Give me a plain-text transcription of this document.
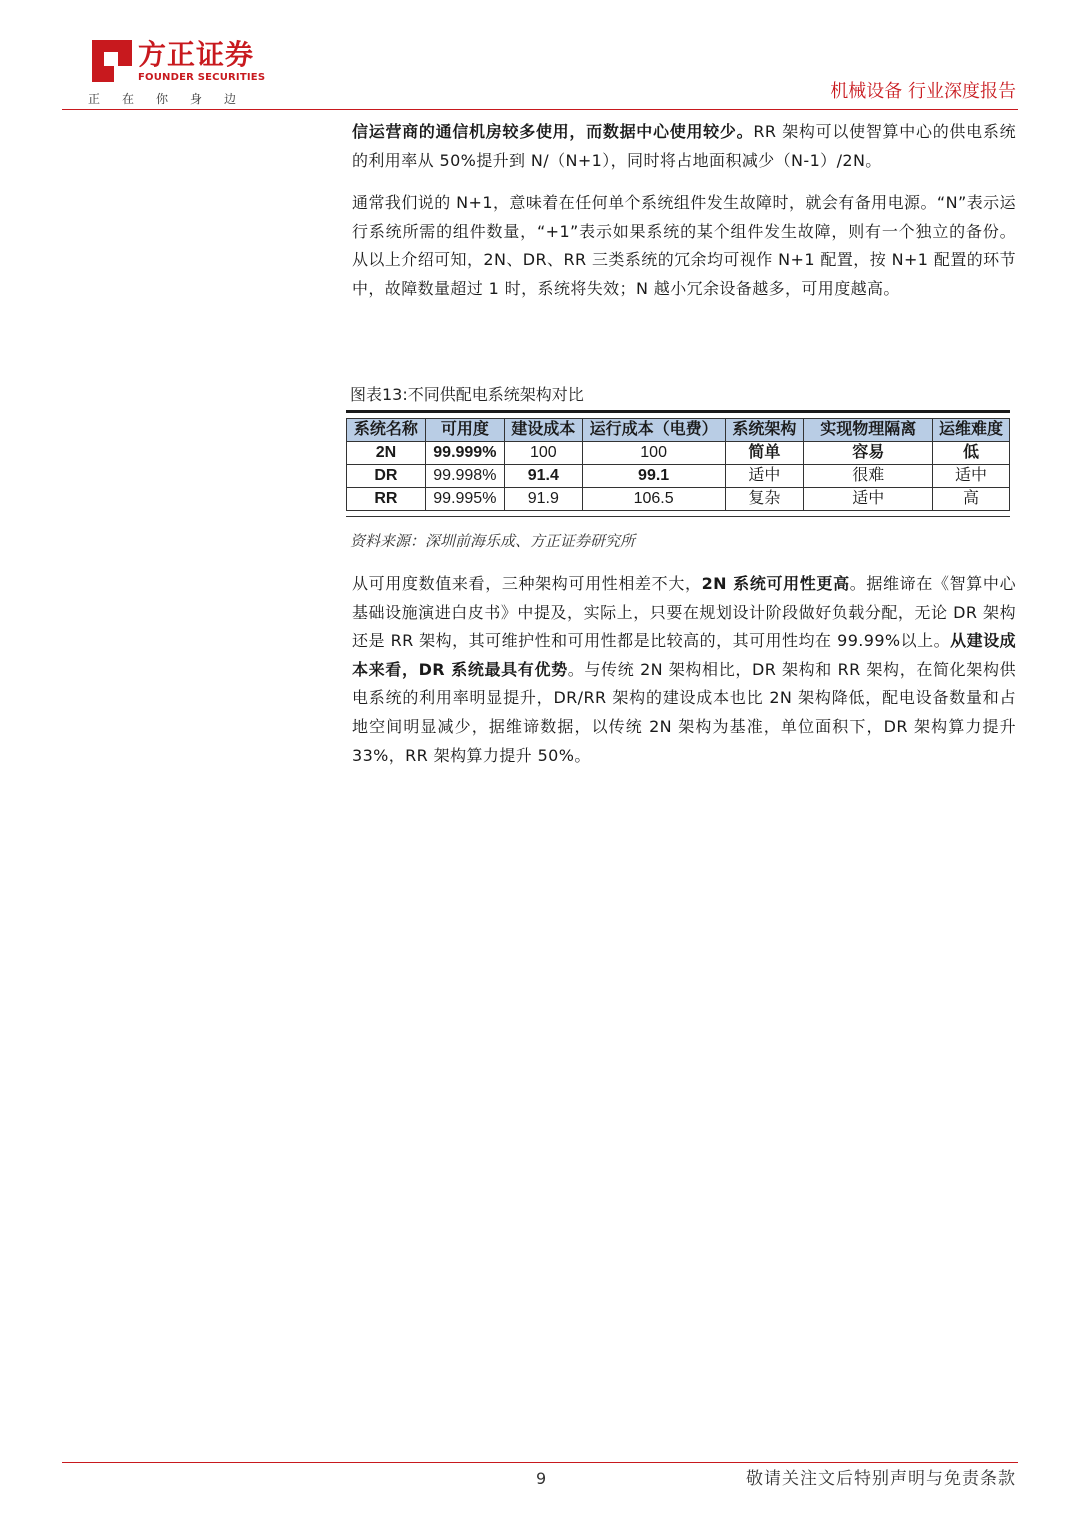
方正证券
FOUNDER SECURITIES
正在你身边	机械设备 行业深度报告

信运营商的通信机房较多使用，而数据中心使用较少。RR 架构可以使智算中心的供电系统的利用率从 50%提升到 N/（N+1），同时将占地面积减少（N-1）/2N。

通常我们说的 N+1，意味着在任何单个系统组件发生故障时，就会有备用电源。“N”表示运行系统所需的组件数量，“+1”表示如果系统的某个组件发生故障，则有一个独立的备份。从以上介绍可知，2N、DR、RR 三类系统的冗余均可视作 N+1 配置，按 N+1 配置的环节中，故障数量超过 1 时，系统将失效；N 越小冗余设备越多，可用度越高。

图表13:不同供配电系统架构对比
系统名称	可用度	建设成本	运行成本（电费）	系统架构	实现物理隔离	运维难度
2N	99.999%	100	100	简单	容易	低
DR	99.998%	91.4	99.1	适中	很难	适中
RR	99.995%	91.9	106.5	复杂	适中	高
资料来源：深圳前海乐成、方正证券研究所

从可用度数值来看，三种架构可用性相差不大，2N 系统可用性更高。据维谛在《智算中心基础设施演进白皮书》中提及，实际上，只要在规划设计阶段做好负载分配，无论 DR 架构还是 RR 架构，其可维护性和可用性都是比较高的，其可用性均在 99.99%以上。从建设成本来看，DR 系统最具有优势。与传统 2N 架构相比，DR 架构和 RR 架构，在简化架构供电系统的利用率明显提升，DR/RR 架构的建设成本也比 2N 架构降低，配电设备数量和占地空间明显减少，据维谛数据，以传统 2N 架构为基准，单位面积下，DR 架构算力提升 33%，RR 架构算力提升 50%。

9	敬请关注文后特别声明与免责条款
